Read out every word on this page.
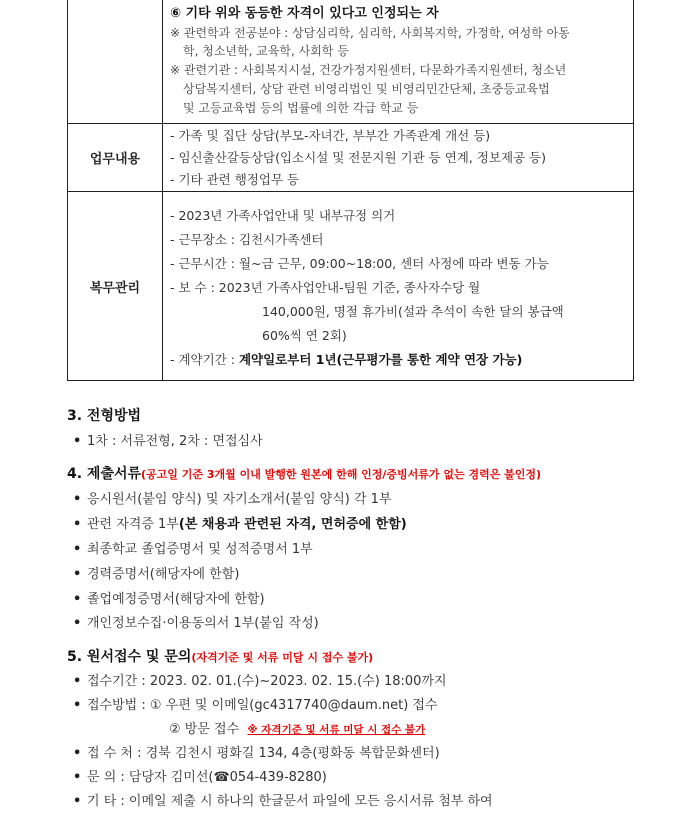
⑥ 기타 위와 동등한 자격이 있다고 인정되는 자
※ 관련학과 전공분야 : 상담심리학, 심리학, 사회복지학, 가정학, 여성학 아동
학, 청소년학, 교육학, 사회학 등
※ 관련기관 : 사회복지시설, 건강가정지원센터, 다문화가족지원센터, 청소년
상담복지센터, 상담 관련 비영리법인 및 비영리민간단체, 초중등교육법
및 고등교육법 등의 법률에 의한 각급 학교 등
업무내용
- 가족 및 집단 상담(부모-자녀간, 부부간 가족관계 개선 등)
- 임신출산갈등상담(입소시설 및 전문지원 기관 등 연계, 정보제공 등)
- 기타 관련 행정업무 등
복무관리
- 2023년 가족사업안내 및 내부규정 의거
- 근무장소 : 김천시가족센터
- 근무시간 : 월~금 근무, 09:00~18:00, 센터 사정에 따라 변동 가능
- 보 수 : 2023년 가족사업안내-팀원 기준, 종사자수당 월
140,000원, 명절 휴가비(설과 추석이 속한 달의 봉급액
60%씩 연 2회)
- 계약기간 : 계약일로부터 1년(근무평가를 통한 계약 연장 가능)
3. 전형방법
• 1차 : 서류전형, 2차 : 면접심사
4. 제출서류(공고일 기준 3개월 이내 발행한 원본에 한해 인정/증빙서류가 없는 경력은 불인정)
• 응시원서(붙임 양식) 및 자기소개서(붙임 양식) 각 1부
• 관련 자격증 1부(본 채용과 관련된 자격, 면허증에 한함)
• 최종학교 졸업증명서 및 성적증명서 1부
• 경력증명서(해당자에 한함)
• 졸업예정증명서(해당자에 한함)
• 개인정보수집·이용동의서 1부(붙임 작성)
5. 원서접수 및 문의(자격기준 및 서류 미달 시 접수 불가)
• 접수기간 : 2023. 02. 01.(수)~2023. 02. 15.(수) 18:00까지
• 접수방법 : ① 우편 및 이메일(gc4317740@daum.net) 접수
② 방문 접수 ※ 자격기준 및 서류 미달 시 접수 불가
• 접 수 처 : 경북 김천시 평화길 134, 4층(평화동 복합문화센터)
• 문 의 : 담당자 김미선(☎054-439-8280)
• 기 타 : 이메일 제출 시 하나의 한글문서 파일에 모든 응시서류 첨부 하여
